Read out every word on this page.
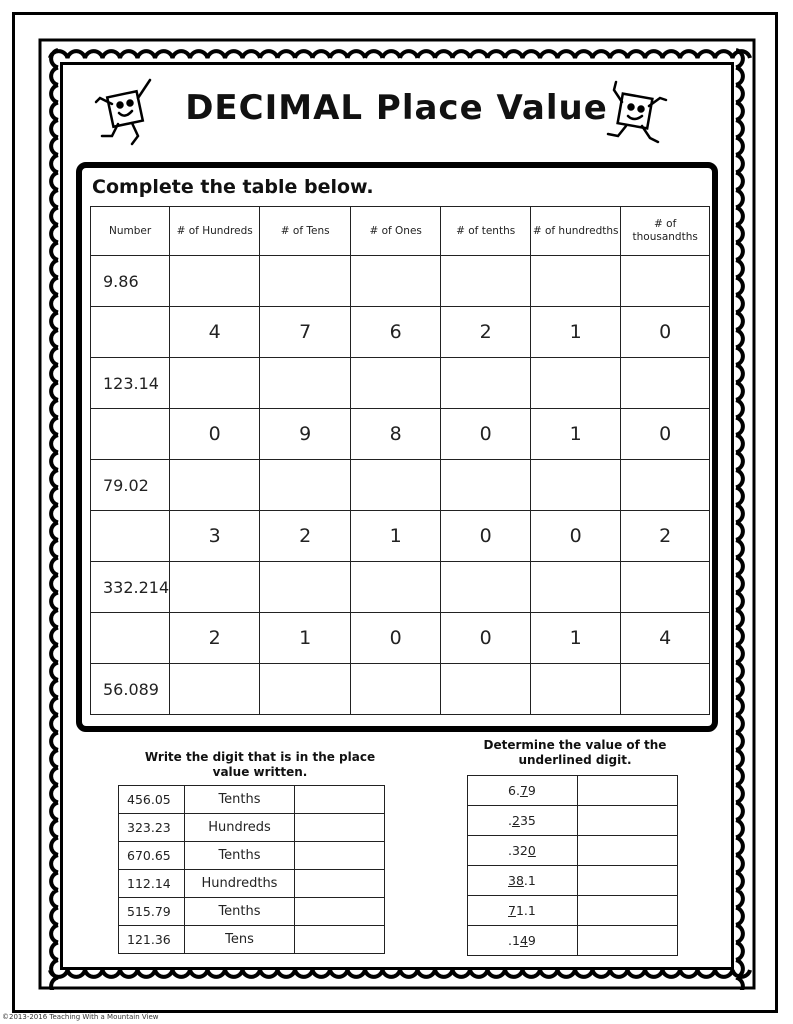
DECIMAL Place Value
Complete the table below.
Number	# of Hundreds	# of Tens	# of Ones	# of tenths	# of hundredths	# of thousandths
9.86						
	4	7	6	2	1	0
123.14						
	0	9	8	0	1	0
79.02						
	3	2	1	0	0	2
332.214						
	2	1	0	0	1	4
56.089						
Write the digit that is in the place value written.
456.05	Tenths	
323.23	Hundreds	
670.65	Tenths	
112.14	Hundredths	
515.79	Tenths	
121.36	Tens	
Determine the value of the underlined digit.
6.79	
.235	
.320	
38.1	
71.1	
.149	
©2013-2016 Teaching With a Mountain View
